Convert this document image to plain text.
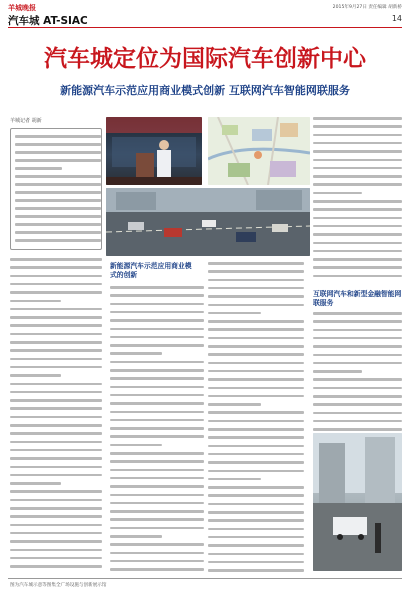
羊城晚报	2015年9月27日 责任编辑 胡新桥
汽车城 AT-SIAC	14
汽车城定位为国际汽车创新中心
新能源汽车示范应用商业模式创新 互联网汽车智能网联服务
羊城记者 胡新
新能源汽车示范应用商业模式的创新
互联网汽车和新型金融智能网联服务
图为汽车城示意等图集全广场设施与创新展示馆
